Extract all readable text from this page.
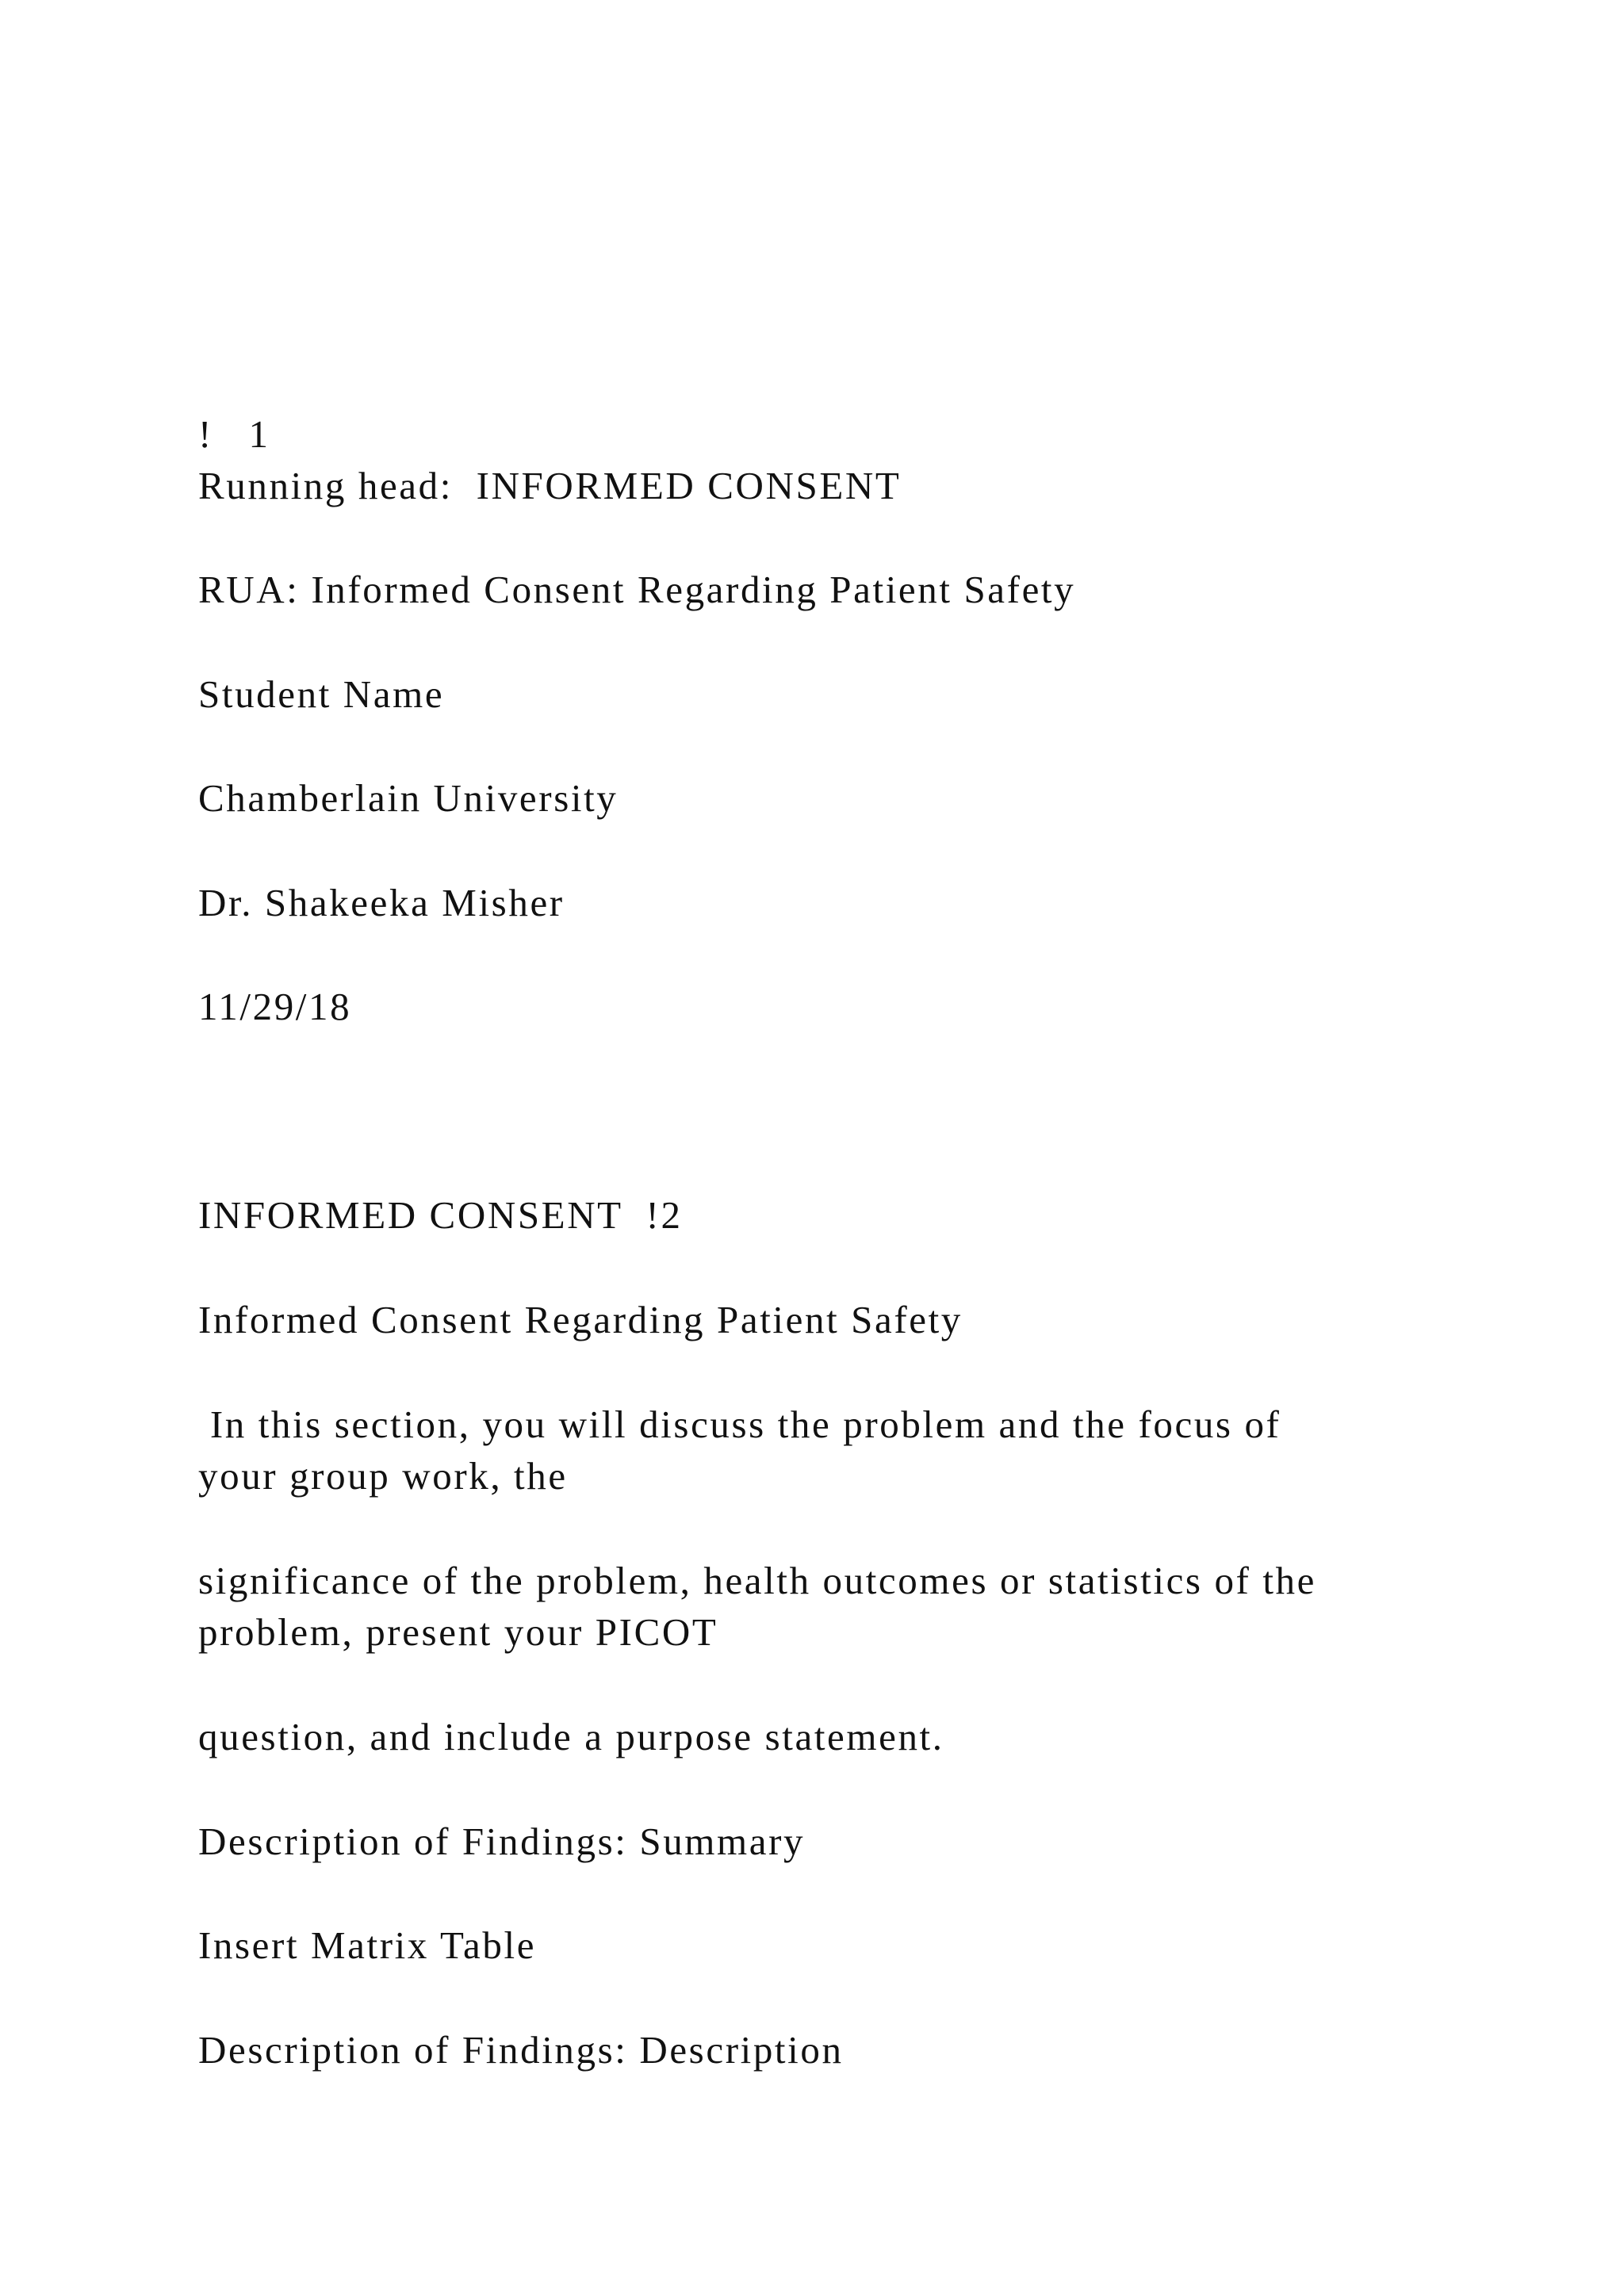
!   1

Running head:  INFORMED CONSENT

RUA: Informed Consent Regarding Patient Safety

Student Name

Chamberlain University

Dr. Shakeeka Misher

11/29/18

INFORMED CONSENT  !2

Informed Consent Regarding Patient Safety

In this section, you will discuss the problem and the focus of

your group work, the

significance of the problem, health outcomes or statistics of the

problem, present your PICOT

question, and include a purpose statement.

Description of Findings: Summary

Insert Matrix Table

Description of Findings: Description
